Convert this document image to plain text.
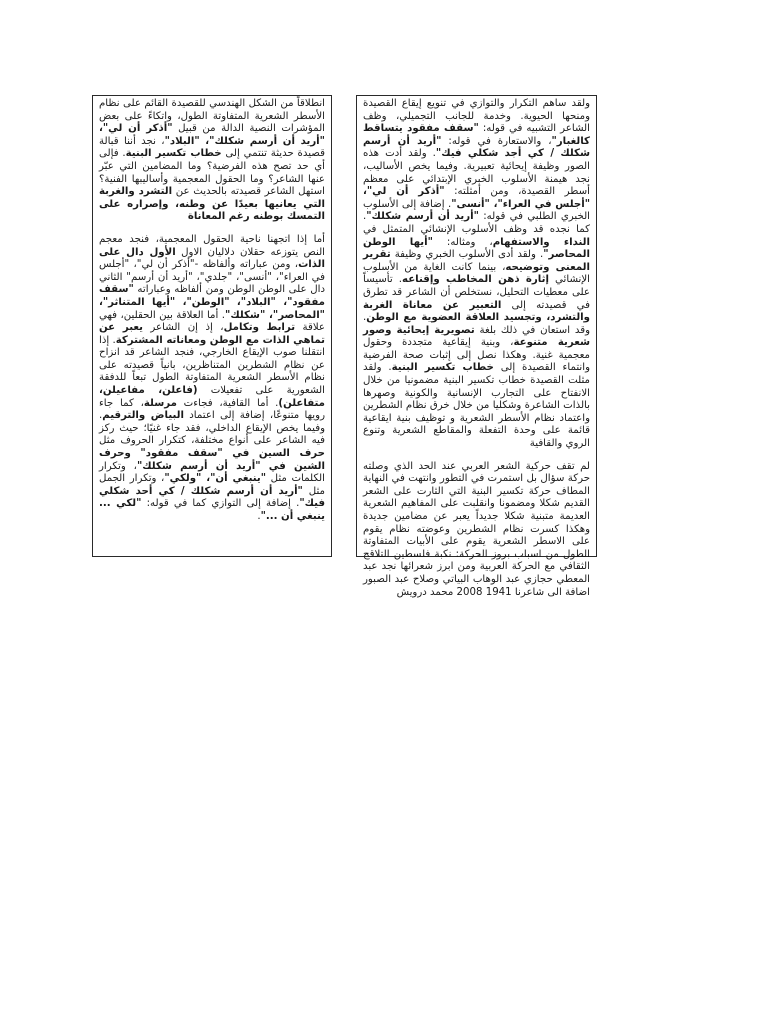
انطلاقاً من الشكل الهندسي للقصيدة القائم على نظام الأسطر الشعرية المتفاوتة الطول، واتكاءً على بعض المؤشرات النصية الدالة من قبيل "أذكر أن لي"، "أريد أن أرسم شكلك"، "البلاد"، نجد أننا قبالة قصيدة حديثة تنتمي إلى خطاب تكسير البنية. فإلى أي حد تصح هذه الفرضية؟ وما المضامين التي عبّر عنها الشاعر؟ وما الحقول المعجمية وأساليبها الفنية؟ استهل الشاعر قصيدته بالحديث عن التشرد والغربة التي يعانيها بعيدًا عن وطنه، وإصراره على التمسك بوطنه رغم المعاناة

أما إذا اتجهنا ناحية الحقول المعجمية، فنجد معجم النص يتوزعه حقلان دلاليان الاول الأول دال على الذات، ومن عباراته وألفاظه -"أذكر أن لي"، "أجلس في العراء"، "أنسى"، "جلدي"، "أريد أن أرسم" الثاني دال على الوطن الوطن ومن ألفاظه وعباراته "سقف مفقود"، "البلاد"، "الوطن"، "أيها المتناثر"، "المحاصر"، "شكلك". أما العلاقة بين الحقلين، فهي علاقة ترابط وتكامل، إذ إن الشاعر يعبر عن تماهي الذات مع الوطن ومعاناته المشتركة. إذا انتقلنا صوب الإيقاع الخارجي، فنجد الشاعر قد انزاح عن نظام الشطرين المتناظرين، بانياً قصيدته على نظام الأسطر الشعرية المتفاوتة الطول تبعاً للدفقة الشعورية على تفعيلات (فاعلن، مفاعيلن، متفاعلن). أما القافية، فجاءت مرسلة، كما جاء رويها متنوعًا، إضافة إلى اعتماد البياض والترقيم. وفيما يخص الإيقاع الداخلي، فقد جاء غنيًا؛ حيث ركز فيه الشاعر على أنواع مختلفة، كتكرار الحروف مثل حرف السين في "سقف مفقود" وحرف الشين في "أريد أن أرسم شكلك"، وتكرار الكلمات مثل "ينبغي أن"، "ولكي"، وتكرار الجمل مثل "أريد أن أرسم شكلك / كي أحد شكلي فيك". إضافة إلى التوازي كما في قوله: "لكي ... ينبغي أن ...".

ولقد ساهم التكرار والتوازي في تنويع إيقاع القصيدة ومنحها الحيوية. وخدمة للجانب التجميلي، وظف الشاعر التشبيه في قوله: "سقف مفقود يتساقط كالغبار"، والاستعارة في قوله: "أريد أن أرسم شكلك / كي أجد شكلي فيك". ولقد أدت هذه الصور وظيفة إيحائية تعبيرية. وفيما يخص الأساليب، نجد هيمنة الأسلوب الخبري الإبتدائي على معظم أسطر القصيدة، ومن أمثلته: "أذكر أن لي"، "أجلس في العراء"، "أنسى". إضافة إلى الأسلوب الخبري الطلبي في قوله: "أريد أن أرسم شكلك". كما نجده قد وظف الأسلوب الإنشائي المتمثل في النداء والاستفهام، ومثاله: "أيها الوطن المحاصر". ولقد أدى الأسلوب الخبري وظيفة تقرير المعنى وتوضيحه، بينما كانت الغاية من الأسلوب الإنشائي إثارة ذهن المخاطب وإقناعه. تأسيساً على معطيات التحليل، نستخلص أن الشاعر قد تطرق في قصيدته إلى التعبير عن معاناة الغربة والتشرد، وتجسيد العلاقة العضوية مع الوطن. وقد استعان في ذلك بلغة تصويرية إيحائية وصور شعرية متنوعة، وبنية إيقاعية متجددة وحقول معجمية غنية. وهكذا نصل إلى إثبات صحة الفرضية وانتماء القصيدة إلى خطاب تكسير البنية. ولقد مثلت القصيدة خطاب تكسير البنية مضمونيا من خلال الانفتاح على التجارب الإنسانية والكونية وصهرها بالذات الشاعرة وشكليا من خلال خرق نظام الشطرين واعتماد نظام الأسطر الشعرية و توظيف بنية ايقاعية قائمة على وحدة التفعلة والمقاطع الشعرية وتنوع الروي والقافية

لم تقف حركية الشعر العربي عند الحد الذي وصلته حركة سؤال بل استمرت في التطور وانتهت في النهاية المطاف حركة تكسير البنية التي الثارت على الشعر القديم شكلا ومضمونا وانقلبت على المفاهيم الشعرية العديمة متبنية شكلا جديداً يعبر عن مضامين جديدة وهكذا كسرت نظام الشطرين وعوضته نظام يقوم على الاسطر الشعرية يقوم على الأبيات المتفاوتة الطول من اسباب بروز الحركة: نكبة فلسطين التلاقح الثقافي مع الحركة العربية ومن ابرز شعرائها نجد عبد المعطي حجازي عبد الوهاب البياتي وصلاح عبد الصبور اضافة الى شاعرنا 1941 2008 محمد درويش
